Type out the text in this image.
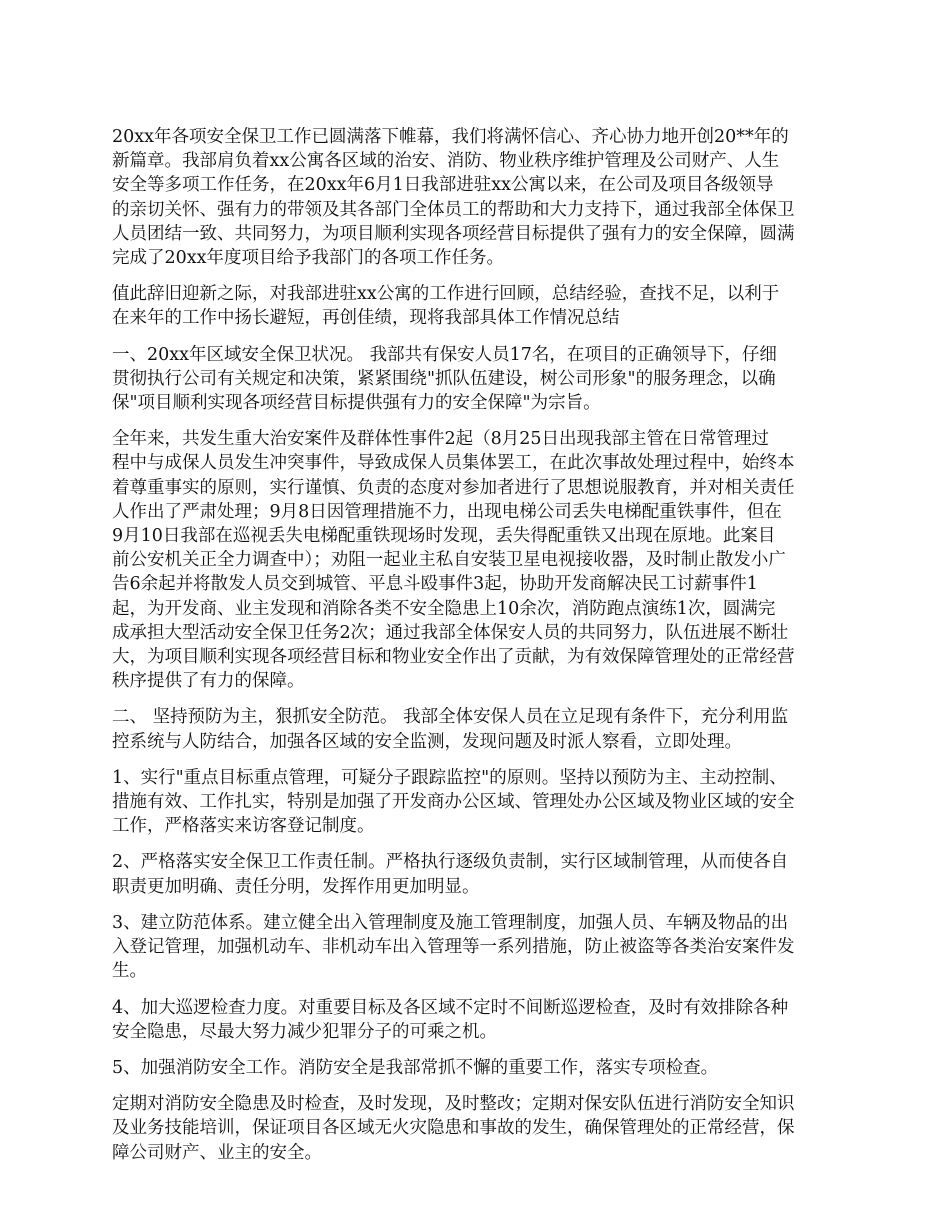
20xx年各项安全保卫工作已圆满落下帷幕，我们将满怀信心、齐心协力地开创20**年的
新篇章。我部肩负着xx公寓各区域的治安、消防、物业秩序维护管理及公司财产、人生
安全等多项工作任务，在20xx年6月1日我部进驻xx公寓以来，在公司及项目各级领导
的亲切关怀、强有力的带领及其各部门全体员工的帮助和大力支持下，通过我部全体保卫
人员团结一致、共同努力，为项目顺利实现各项经营目标提供了强有力的安全保障，圆满
完成了20xx年度项目给予我部门的各项工作任务。

值此辞旧迎新之际，对我部进驻xx公寓的工作进行回顾，总结经验，查找不足，以利于
在来年的工作中扬长避短，再创佳绩，现将我部具体工作情况总结

一、20xx年区域安全保卫状况。 我部共有保安人员17名，在项目的正确领导下，仔细
贯彻执行公司有关规定和决策，紧紧围绕"抓队伍建设，树公司形象"的服务理念，以确
保"项目顺利实现各项经营目标提供强有力的安全保障"为宗旨。

全年来，共发生重大治安案件及群体性事件2起（8月25日出现我部主管在日常管理过
程中与成保人员发生冲突事件，导致成保人员集体罢工，在此次事故处理过程中，始终本
着尊重事实的原则，实行谨慎、负责的态度对参加者进行了思想说服教育，并对相关责任
人作出了严肃处理；9月8日因管理措施不力，出现电梯公司丢失电梯配重铁事件，但在
9月10日我部在巡视丢失电梯配重铁现场时发现，丢失得配重铁又出现在原地。此案目
前公安机关正全力调查中）；劝阻一起业主私自安装卫星电视接收器，及时制止散发小广
告6余起并将散发人员交到城管、平息斗殴事件3起，协助开发商解决民工讨薪事件1
起，为开发商、业主发现和消除各类不安全隐患上10余次，消防跑点演练1次，圆满完
成承担大型活动安全保卫任务2次；通过我部全体保安人员的共同努力，队伍进展不断壮
大，为项目顺利实现各项经营目标和物业安全作出了贡献，为有效保障管理处的正常经营
秩序提供了有力的保障。

二、 坚持预防为主，狠抓安全防范。 我部全体安保人员在立足现有条件下，充分利用监
控系统与人防结合，加强各区域的安全监测，发现问题及时派人察看，立即处理。

1、实行"重点目标重点管理，可疑分子跟踪监控"的原则。坚持以预防为主、主动控制、
措施有效、工作扎实，特别是加强了开发商办公区域、管理处办公区域及物业区域的安全
工作，严格落实来访客登记制度。

2、严格落实安全保卫工作责任制。严格执行逐级负责制，实行区域制管理，从而使各自
职责更加明确、责任分明，发挥作用更加明显。

3、建立防范体系。建立健全出入管理制度及施工管理制度，加强人员、车辆及物品的出
入登记管理，加强机动车、非机动车出入管理等一系列措施，防止被盗等各类治安案件发
生。

4、加大巡逻检查力度。对重要目标及各区域不定时不间断巡逻检查，及时有效排除各种
安全隐患，尽最大努力减少犯罪分子的可乘之机。

5、加强消防安全工作。消防安全是我部常抓不懈的重要工作，落实专项检查。

定期对消防安全隐患及时检查，及时发现，及时整改；定期对保安队伍进行消防安全知识
及业务技能培训，保证项目各区域无火灾隐患和事故的发生，确保管理处的正常经营，保
障公司财产、业主的安全。
